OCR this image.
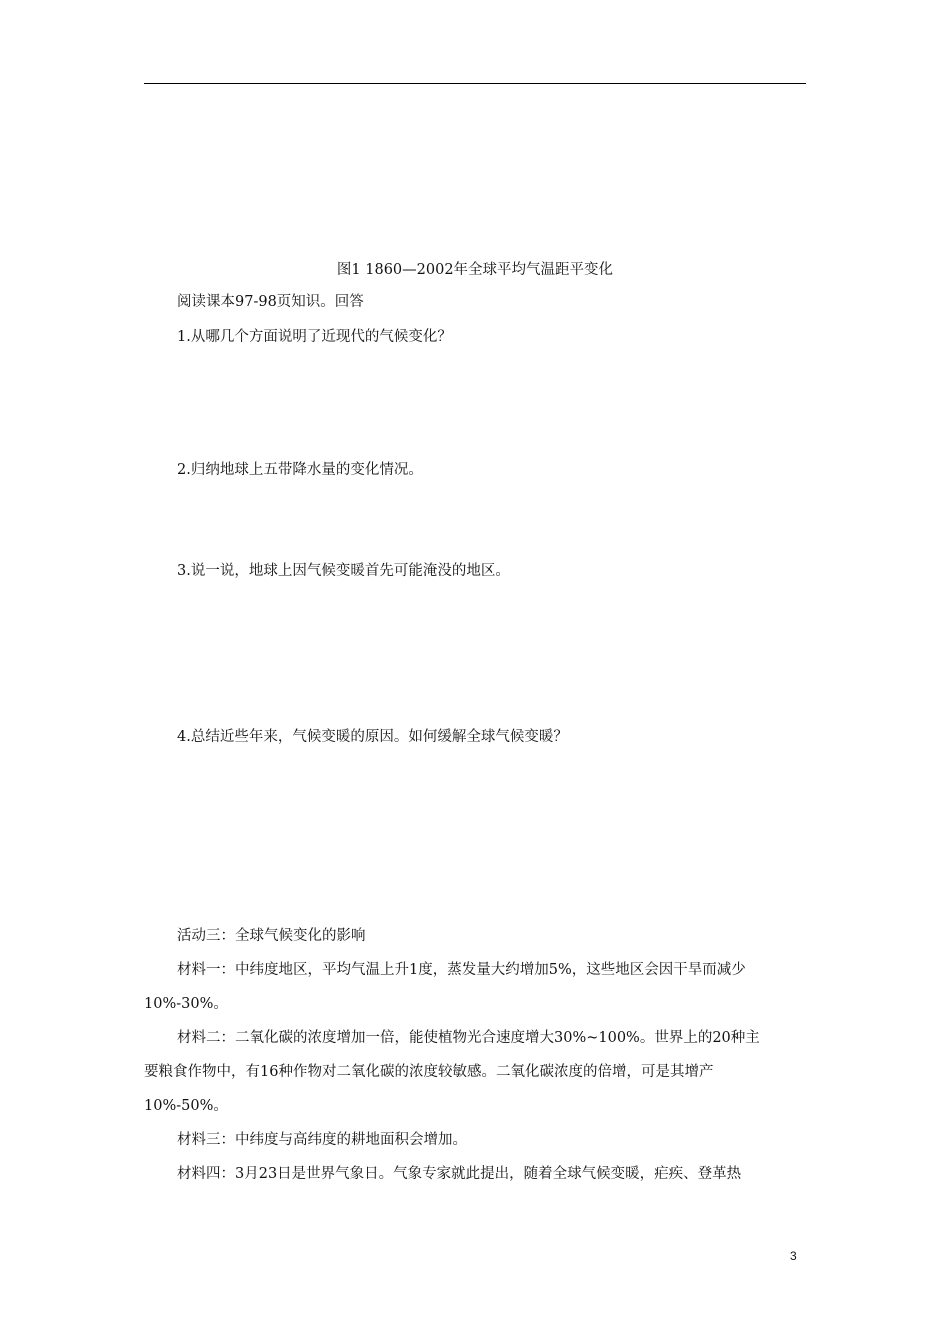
图1 1860—2002年全球平均气温距平变化
阅读课本97-98页知识。回答
1.从哪几个方面说明了近现代的气候变化？
2.归纳地球上五带降水量的变化情况。
3.说一说，地球上因气候变暖首先可能淹没的地区。
4.总结近些年来，气候变暖的原因。如何缓解全球气候变暖？
活动三：全球气候变化的影响
材料一：中纬度地区，平均气温上升1度，蒸发量大约增加5%，这些地区会因干旱而减少
10%-30%。
材料二：二氧化碳的浓度增加一倍，能使植物光合速度增大30%~100%。世界上的20种主
要粮食作物中，有16种作物对二氧化碳的浓度较敏感。二氧化碳浓度的倍增，可是其增产
10%-50%。
材料三：中纬度与高纬度的耕地面积会增加。
材料四：3月23日是世界气象日。气象专家就此提出，随着全球气候变暖，疟疾、登革热
3
